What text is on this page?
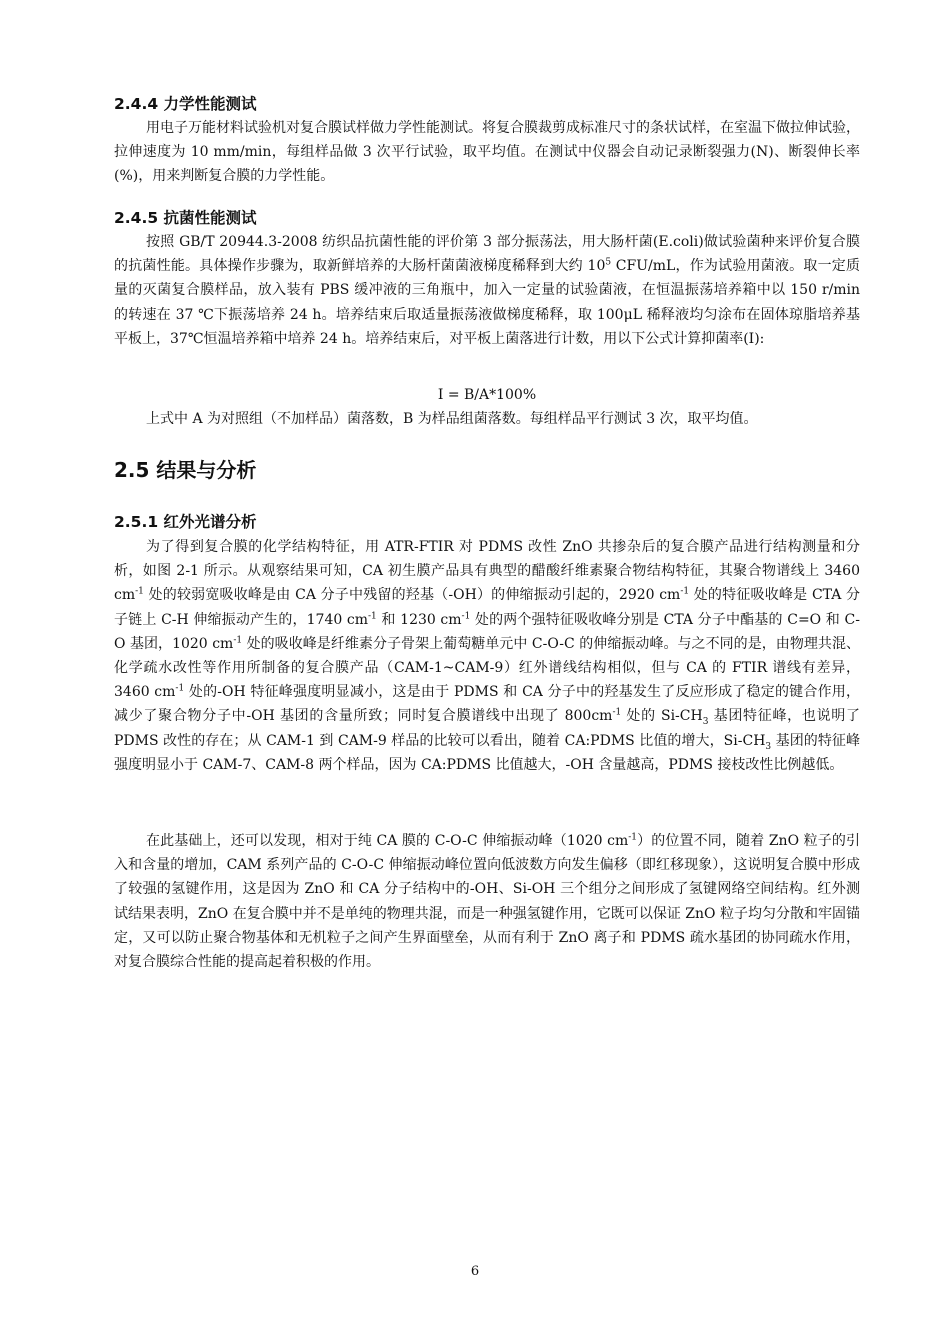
2.4.4 力学性能测试

用电子万能材料试验机对复合膜试样做力学性能测试。将复合膜裁剪成标准尺寸的条状试样，在室温下做拉伸试验，拉伸速度为 10 mm/min，每组样品做 3 次平行试验，取平均值。在测试中仪器会自动记录断裂强力(N)、断裂伸长率(%)，用来判断复合膜的力学性能。

2.4.5 抗菌性能测试

按照 GB/T 20944.3-2008 纺织品抗菌性能的评价第 3 部分振荡法，用大肠杆菌(E.coli)做试验菌种来评价复合膜的抗菌性能。具体操作步骤为，取新鲜培养的大肠杆菌菌液梯度稀释到大约 $10^5$ CFU/mL，作为试验用菌液。取一定质量的灭菌复合膜样品，放入装有 PBS 缓冲液的三角瓶中，加入一定量的试验菌液，在恒温振荡培养箱中以 150 r/min 的转速在 37 ℃下振荡培养 24 h。培养结束后取适量振荡液做梯度稀释，取 100μL 稀释液均匀涂布在固体琼脂培养基平板上，37℃恒温培养箱中培养 24 h。培养结束后，对平板上菌落进行计数，用以下公式计算抑菌率(I):

I = B/A*100%

上式中 A 为对照组（不加样品）菌落数，B 为样品组菌落数。每组样品平行测试 3 次，取平均值。

2.5 结果与分析
2.5.1 红外光谱分析

为了得到复合膜的化学结构特征，用 ATR-FTIR 对 PDMS 改性 ZnO 共掺杂后的复合膜产品进行结构测量和分析，如图 2-1 所示。从观察结果可知，CA 初生膜产品具有典型的醋酸纤维素聚合物结构特征，其聚合物谱线上 3460 $cm^{-1}$ 处的较弱宽吸收峰是由 CA 分子中残留的羟基（-OH）的伸缩振动引起的，2920 $cm^{-1}$ 处的特征吸收峰是 CTA 分子链上 C-H 伸缩振动产生的，1740 $cm^{-1}$ 和 1230 $cm^{-1}$ 处的两个强特征吸收峰分别是 CTA 分子中酯基的 C=O 和 C-O 基团，1020 $cm^{-1}$ 处的吸收峰是纤维素分子骨架上葡萄糖单元中 C-O-C 的伸缩振动峰。与之不同的是，由物理共混、化学疏水改性等作用所制备的复合膜产品（CAM-1~CAM-9）红外谱线结构相似，但与 CA 的 FTIR 谱线有差异，3460 $cm^{-1}$ 处的-OH 特征峰强度明显减小，这是由于 PDMS 和 CA 分子中的羟基发生了反应形成了稳定的键合作用，减少了聚合物分子中-OH 基团的含量所致；同时复合膜谱线中出现了 $800cm^{-1}$ 处的 $Si-CH_3$ 基团特征峰，也说明了 PDMS 改性的存在；从 CAM-1 到 CAM-9 样品的比较可以看出，随着 CA:PDMS 比值的增大，$Si-CH_3$ 基团的特征峰强度明显小于 CAM-7、CAM-8 两个样品，因为 CA:PDMS 比值越大，-OH 含量越高，PDMS 接枝改性比例越低。

在此基础上，还可以发现，相对于纯 CA 膜的 C-O-C 伸缩振动峰（1020 $cm^{-1}$）的位置不同，随着 ZnO 粒子的引入和含量的增加，CAM 系列产品的 C-O-C 伸缩振动峰位置向低波数方向发生偏移（即红移现象），这说明复合膜中形成了较强的氢键作用，这是因为 ZnO 和 CA 分子结构中的-OH、Si-OH 三个组分之间形成了氢键网络空间结构。红外测试结果表明，ZnO 在复合膜中并不是单纯的物理共混，而是一种强氢键作用，它既可以保证 ZnO 粒子均匀分散和牢固锚定，又可以防止聚合物基体和无机粒子之间产生界面壁垒，从而有利于 ZnO 离子和 PDMS 疏水基团的协同疏水作用，对复合膜综合性能的提高起着积极的作用。

6
